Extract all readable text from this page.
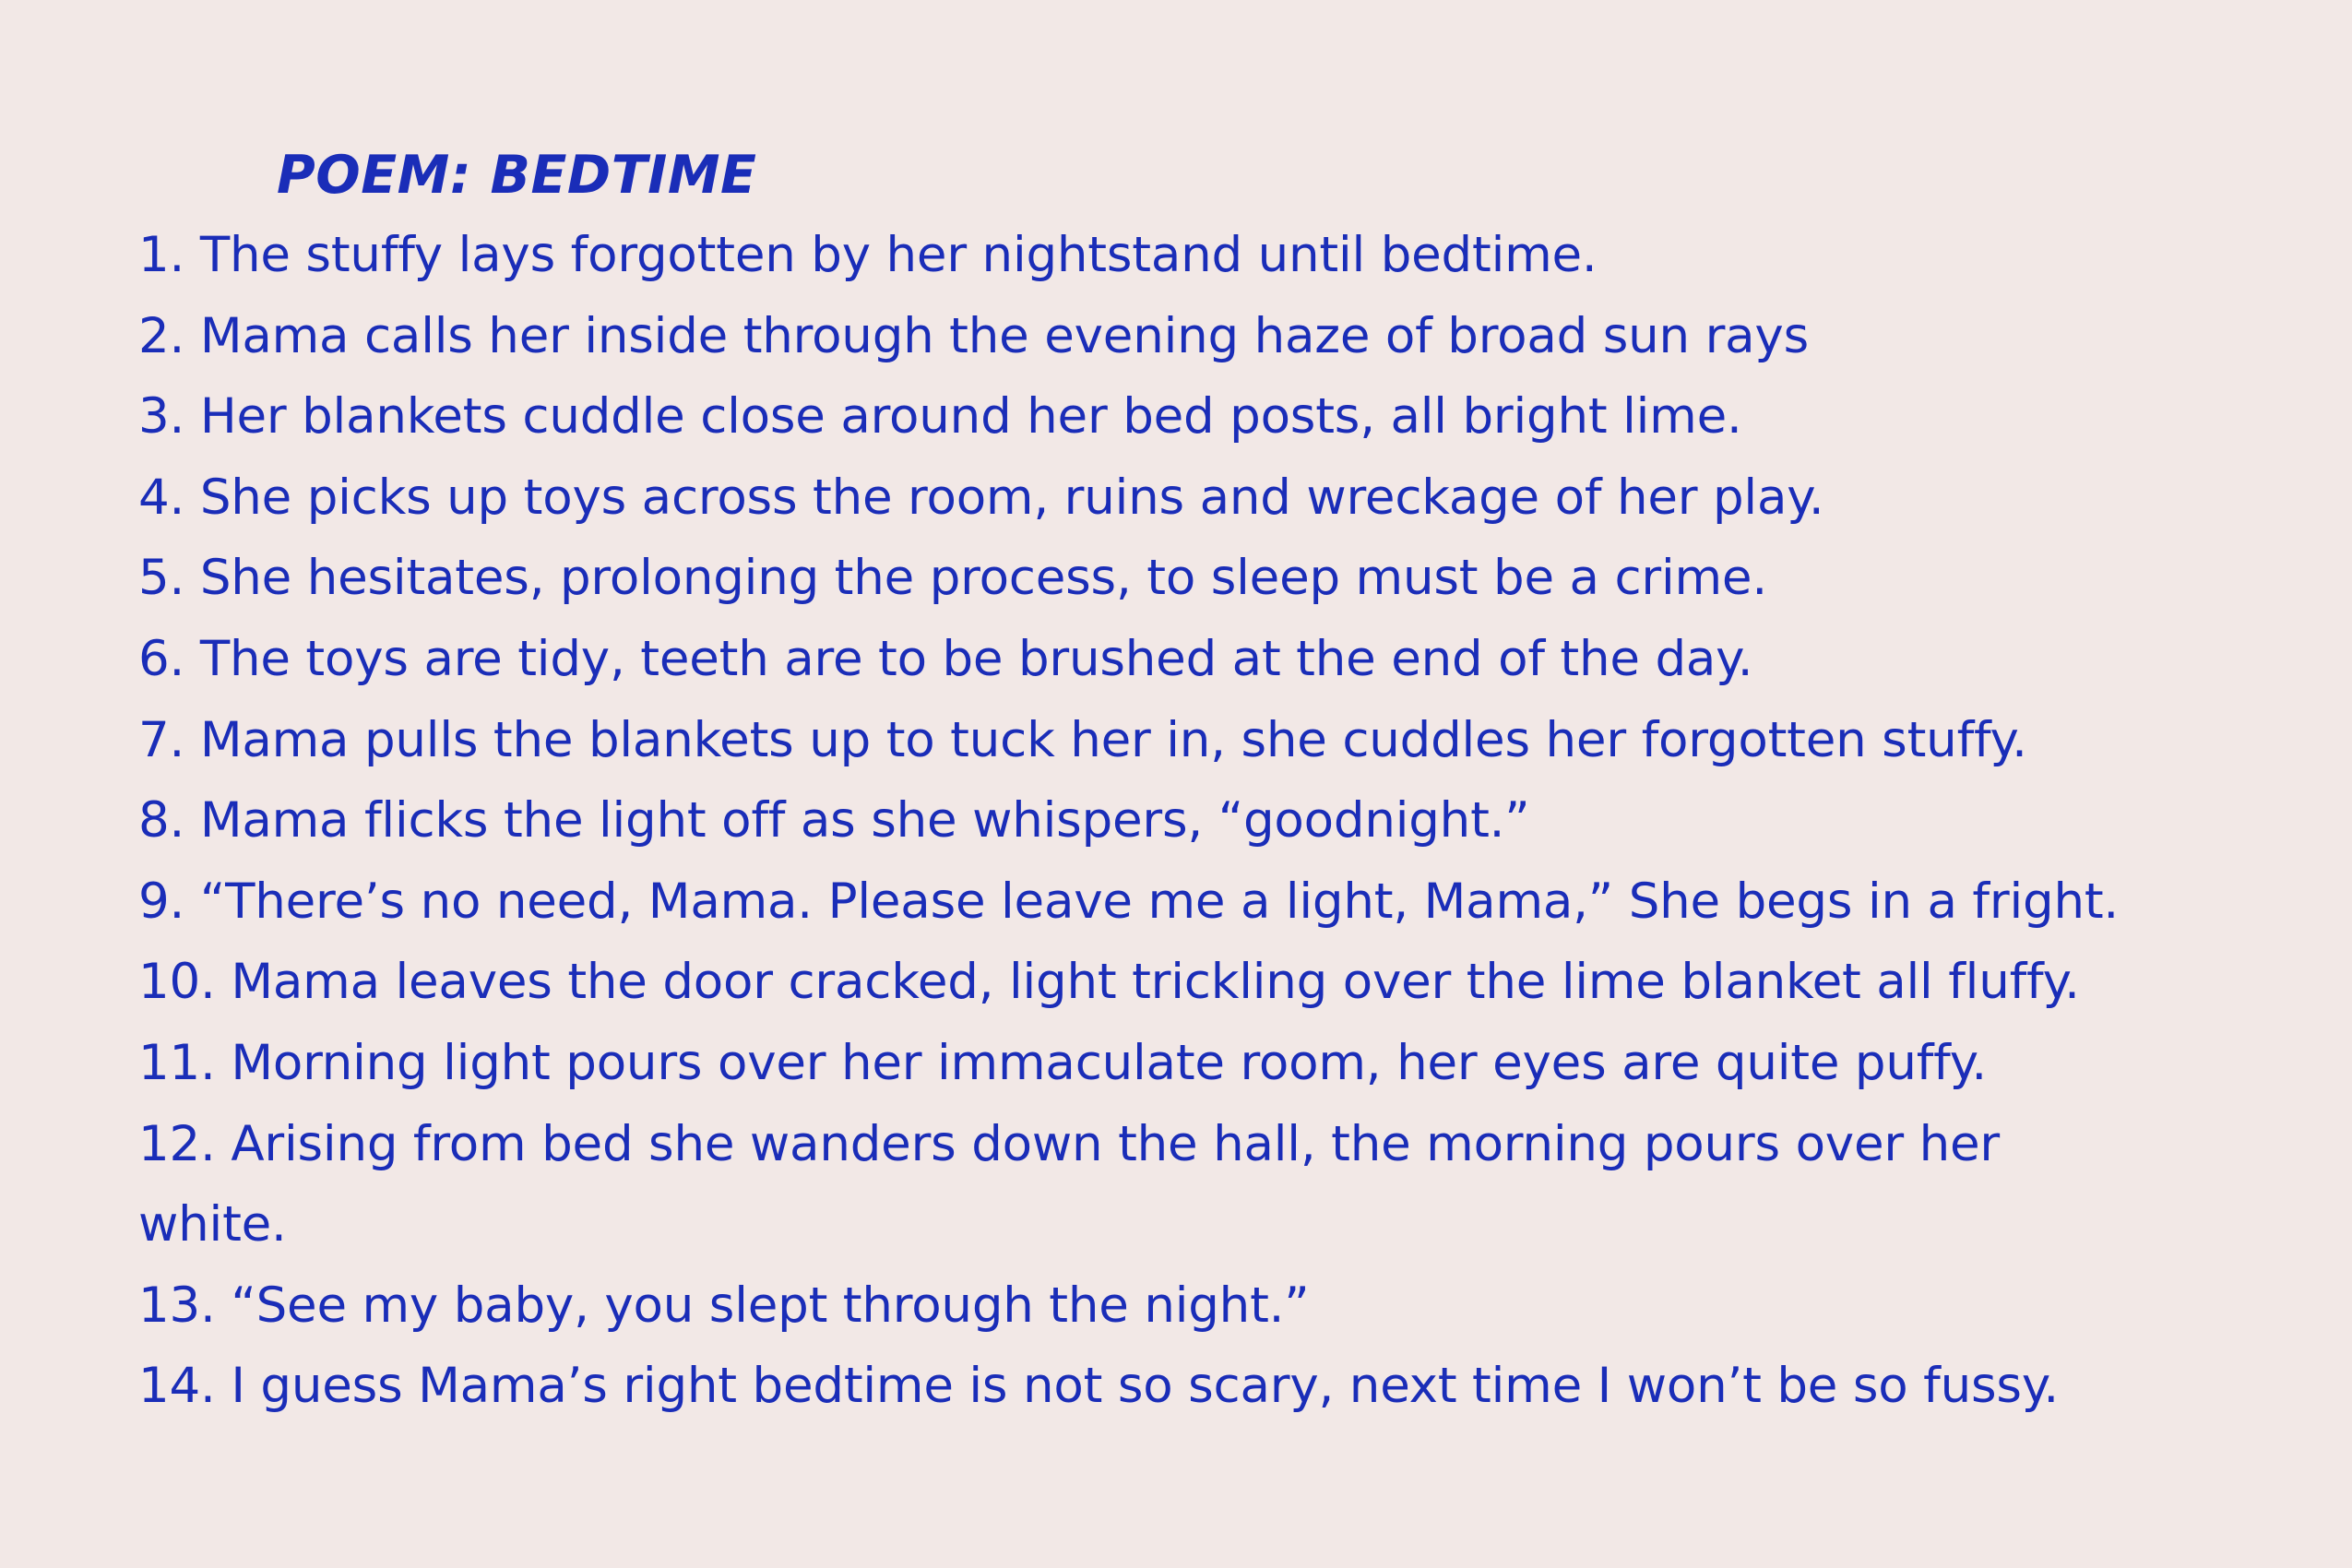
POEM: BEDTIME
1. The stuffy lays forgotten by her nightstand until bedtime.
2. Mama calls her inside through the evening haze of broad sun rays
3. Her blankets cuddle close around her bed posts, all bright lime.
4. She picks up toys across the room, ruins and wreckage of her play.
5. She hesitates, prolonging the process, to sleep must be a crime.
6. The toys are tidy, teeth are to be brushed at the end of the day.
7. Mama pulls the blankets up to tuck her in, she cuddles her forgotten stuffy.
8. Mama flicks the light off as she whispers, “goodnight.”
9. “There’s no need, Mama. Please leave me a light, Mama,” She begs in a fright.
10. Mama leaves the door cracked, light trickling over the lime blanket all fluffy.
11. Morning light pours over her immaculate room, her eyes are quite puffy.
12. Arising from bed she wanders down the hall, the morning pours over her
white.
13. “See my baby, you slept through the night.”
14. I guess Mama’s right bedtime is not so scary, next time I won’t be so fussy.
